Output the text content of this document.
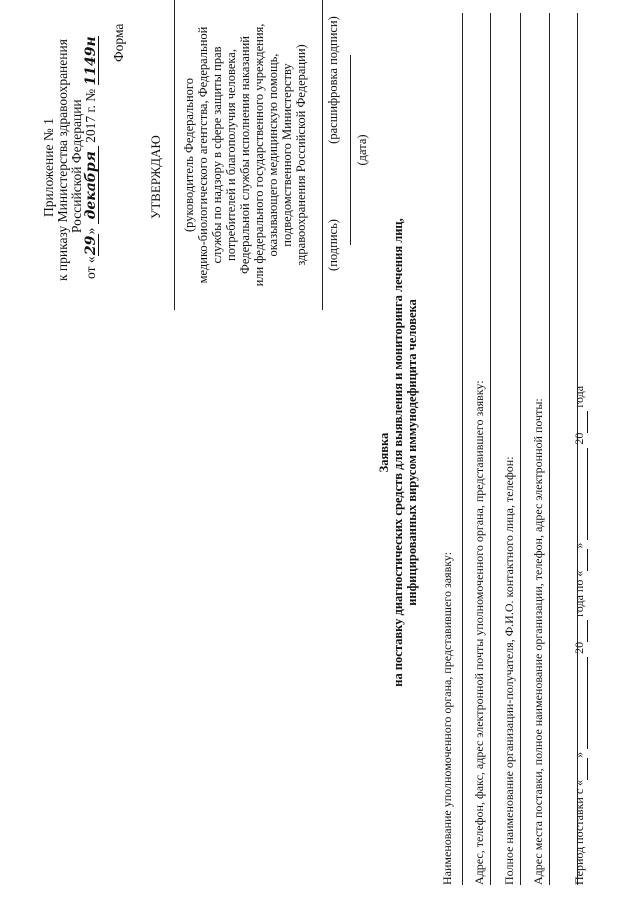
Приложение № 1 к приказу Министерства здравоохранения Российской Федерации
от «29» декабря 2017 г. № 1149н Форма
УТВЕРЖДАЮ (руководитель Федерального медико-биологического агентства, Федеральной службы по надзору в сфере защиты прав потребителей и благополучия человека, Федеральной службы исполнения наказаний или федерального государственного учреждения, оказывающего медицинскую помощь, подведомственного Министерству здравоохранения Российской Федерации) (подпись)
(расшифровка подписи)
(дата)
Заявка на поставку диагностических средств для выявления и мониторинга лечения лиц, инфицированных вирусом иммунодефицита человека
Наименование уполномоченного органа, представившего заявку: Адрес, телефон, факс, адрес электронной почты уполномоченного органа, представившего заявку: Полное наименование организации-получателя, Ф.И.О. контактного лица, телефон: Адрес места поставки, полное наименование организации, телефон, адрес электронной почты: Период поставки с « »   20  года по « »   20  года
